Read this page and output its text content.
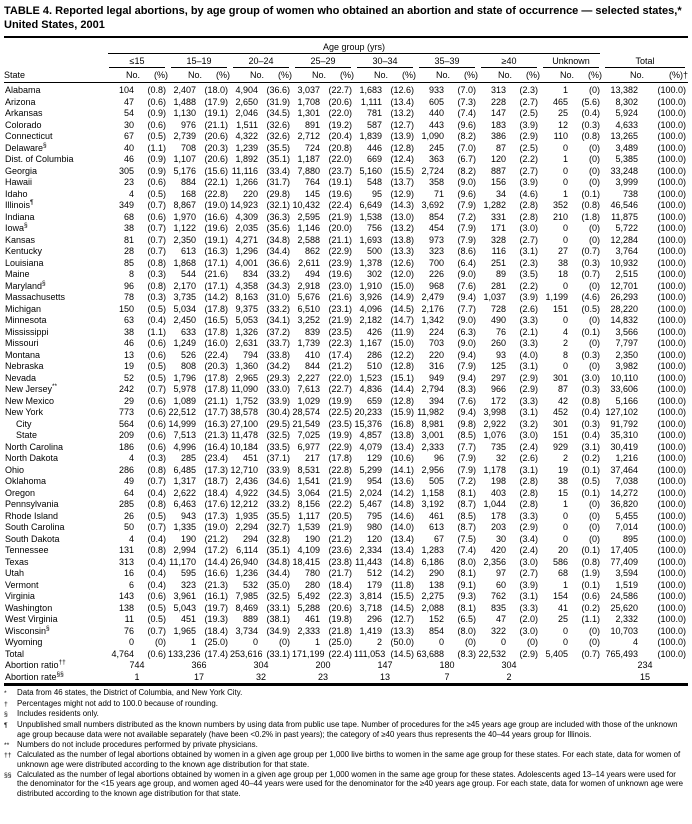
TABLE 4. Reported legal abortions, by age group of women who obtained an abortion and state of occurrence — selected states,* United States, 2001

	Age group (yrs)																	

	≤15		15–19		20–24		25–29		30–34		35–39		≥40		Unknown		Total	

State	No.	(%)	No.	(%)	No.	(%)	No.	(%)	No.	(%)	No.	(%)	No.	(%)	No.	(%)	No.	(%)†
Alabama	104	(0.8)	2,407	(18.0)	4,904	(36.6)	3,037	(22.7)	1,683	(12.6)	933	(7.0)	313	(2.3)	1	(0)	13,382	(100.0)
Arizona	47	(0.6)	1,488	(17.9)	2,650	(31.9)	1,708	(20.6)	1,111	(13.4)	605	(7.3)	228	(2.7)	465	(5.6)	8,302	(100.0)
Arkansas	54	(0.9)	1,130	(19.1)	2,046	(34.5)	1,301	(22.0)	781	(13.2)	440	(7.4)	147	(2.5)	25	(0.4)	5,924	(100.0)
Colorado	30	(0.6)	976	(21.1)	1,511	(32.6)	891	(19.2)	587	(12.7)	443	(9.6)	183	(3.9)	12	(0.3)	4,633	(100.0)
Connecticut	67	(0.5)	2,739	(20.6)	4,322	(32.6)	2,712	(20.4)	1,839	(13.9)	1,090	(8.2)	386	(2.9)	110	(0.8)	13,265	(100.0)
Delaware§	40	(1.1)	708	(20.3)	1,239	(35.5)	724	(20.8)	446	(12.8)	245	(7.0)	87	(2.5)	0	(0)	3,489	(100.0)
Dist. of Columbia	46	(0.9)	1,107	(20.6)	1,892	(35.1)	1,187	(22.0)	669	(12.4)	363	(6.7)	120	(2.2)	1	(0)	5,385	(100.0)
Georgia	305	(0.9)	5,176	(15.6)	11,116	(33.4)	7,880	(23.7)	5,160	(15.5)	2,724	(8.2)	887	(2.7)	0	(0)	33,248	(100.0)
Hawaii	23	(0.6)	884	(22.1)	1,266	(31.7)	764	(19.1)	548	(13.7)	358	(9.0)	156	(3.9)	0	(0)	3,999	(100.0)
Idaho	4	(0.5)	168	(22.8)	220	(29.8)	145	(19.6)	95	(12.9)	71	(9.6)	34	(4.6)	1	(0.1)	738	(100.0)
Illinois¶	349	(0.7)	8,867	(19.0)	14,923	(32.1)	10,432	(22.4)	6,649	(14.3)	3,692	(7.9)	1,282	(2.8)	352	(0.8)	46,546	(100.0)
Indiana	68	(0.6)	1,970	(16.6)	4,309	(36.3)	2,595	(21.9)	1,538	(13.0)	854	(7.2)	331	(2.8)	210	(1.8)	11,875	(100.0)
Iowa§	38	(0.7)	1,122	(19.6)	2,035	(35.6)	1,146	(20.0)	756	(13.2)	454	(7.9)	171	(3.0)	0	(0)	5,722	(100.0)
Kansas	81	(0.7)	2,350	(19.1)	4,271	(34.8)	2,588	(21.1)	1,693	(13.8)	973	(7.9)	328	(2.7)	0	(0)	12,284	(100.0)
Kentucky	28	(0.7)	613	(16.3)	1,296	(34.4)	862	(22.9)	500	(13.3)	323	(8.6)	116	(3.1)	27	(0.7)	3,764	(100.0)
Louisiana	85	(0.8)	1,868	(17.1)	4,001	(36.6)	2,611	(23.9)	1,378	(12.6)	700	(6.4)	251	(2.3)	38	(0.3)	10,932	(100.0)
Maine	8	(0.3)	544	(21.6)	834	(33.2)	494	(19.6)	302	(12.0)	226	(9.0)	89	(3.5)	18	(0.7)	2,515	(100.0)
Maryland§	96	(0.8)	2,170	(17.1)	4,358	(34.3)	2,918	(23.0)	1,910	(15.0)	968	(7.6)	281	(2.2)	0	(0)	12,701	(100.0)
Massachusetts	78	(0.3)	3,735	(14.2)	8,163	(31.0)	5,676	(21.6)	3,926	(14.9)	2,479	(9.4)	1,037	(3.9)	1,199	(4.6)	26,293	(100.0)
Michigan	150	(0.5)	5,034	(17.8)	9,375	(33.2)	6,510	(23.1)	4,096	(14.5)	2,176	(7.7)	728	(2.6)	151	(0.5)	28,220	(100.0)
Minnesota	63	(0.4)	2,450	(16.5)	5,053	(34.1)	3,252	(21.9)	2,182	(14.7)	1,342	(9.0)	490	(3.3)	0	(0)	14,832	(100.0)
Mississippi	38	(1.1)	633	(17.8)	1,326	(37.2)	839	(23.5)	426	(11.9)	224	(6.3)	76	(2.1)	4	(0.1)	3,566	(100.0)
Missouri	46	(0.6)	1,249	(16.0)	2,631	(33.7)	1,739	(22.3)	1,167	(15.0)	703	(9.0)	260	(3.3)	2	(0)	7,797	(100.0)
Montana	13	(0.6)	526	(22.4)	794	(33.8)	410	(17.4)	286	(12.2)	220	(9.4)	93	(4.0)	8	(0.3)	2,350	(100.0)
Nebraska	19	(0.5)	808	(20.3)	1,360	(34.2)	844	(21.2)	510	(12.8)	316	(7.9)	125	(3.1)	0	(0)	3,982	(100.0)
Nevada	52	(0.5)	1,796	(17.8)	2,965	(29.3)	2,227	(22.0)	1,523	(15.1)	949	(9.4)	297	(2.9)	301	(3.0)	10,110	(100.0)
New Jersey**	242	(0.7)	5,978	(17.8)	11,090	(33.0)	7,613	(22.7)	4,836	(14.4)	2,794	(8.3)	966	(2.9)	87	(0.3)	33,606	(100.0)
New Mexico	29	(0.6)	1,089	(21.1)	1,752	(33.9)	1,029	(19.9)	659	(12.8)	394	(7.6)	172	(3.3)	42	(0.8)	5,166	(100.0)
New York	773	(0.6)	22,512	(17.7)	38,578	(30.4)	28,574	(22.5)	20,233	(15.9)	11,982	(9.4)	3,998	(3.1)	452	(0.4)	127,102	(100.0)
City	564	(0.6)	14,999	(16.3)	27,100	(29.5)	21,549	(23.5)	15,376	(16.8)	8,981	(9.8)	2,922	(3.2)	301	(0.3)	91,792	(100.0)
State	209	(0.6)	7,513	(21.3)	11,478	(32.5)	7,025	(19.9)	4,857	(13.8)	3,001	(8.5)	1,076	(3.0)	151	(0.4)	35,310	(100.0)
North Carolina	186	(0.6)	4,996	(16.4)	10,184	(33.5)	6,977	(22.9)	4,079	(13.4)	2,333	(7.7)	735	(2.4)	929	(3.1)	30,419	(100.0)
North Dakota	4	(0.3)	285	(23.4)	451	(37.1)	217	(17.8)	129	(10.6)	96	(7.9)	32	(2.6)	2	(0.2)	1,216	(100.0)
Ohio	286	(0.8)	6,485	(17.3)	12,710	(33.9)	8,531	(22.8)	5,299	(14.1)	2,956	(7.9)	1,178	(3.1)	19	(0.1)	37,464	(100.0)
Oklahoma	49	(0.7)	1,317	(18.7)	2,436	(34.6)	1,541	(21.9)	954	(13.6)	505	(7.2)	198	(2.8)	38	(0.5)	7,038	(100.0)
Oregon	64	(0.4)	2,622	(18.4)	4,922	(34.5)	3,064	(21.5)	2,024	(14.2)	1,158	(8.1)	403	(2.8)	15	(0.1)	14,272	(100.0)
Pennsylvania	285	(0.8)	6,463	(17.6)	12,212	(33.2)	8,156	(22.2)	5,467	(14.8)	3,192	(8.7)	1,044	(2.8)	1	(0)	36,820	(100.0)
Rhode Island	26	(0.5)	943	(17.3)	1,935	(35.5)	1,117	(20.5)	795	(14.6)	461	(8.5)	178	(3.3)	0	(0)	5,455	(100.0)
South Carolina	50	(0.7)	1,335	(19.0)	2,294	(32.7)	1,539	(21.9)	980	(14.0)	613	(8.7)	203	(2.9)	0	(0)	7,014	(100.0)
South Dakota	4	(0.4)	190	(21.2)	294	(32.8)	190	(21.2)	120	(13.4)	67	(7.5)	30	(3.4)	0	(0)	895	(100.0)
Tennessee	131	(0.8)	2,994	(17.2)	6,114	(35.1)	4,109	(23.6)	2,334	(13.4)	1,283	(7.4)	420	(2.4)	20	(0.1)	17,405	(100.0)
Texas	313	(0.4)	11,170	(14.4)	26,940	(34.8)	18,415	(23.8)	11,443	(14.8)	6,186	(8.0)	2,356	(3.0)	586	(0.8)	77,409	(100.0)
Utah	16	(0.4)	595	(16.6)	1,236	(34.4)	780	(21.7)	512	(14.2)	290	(8.1)	97	(2.7)	68	(1.9)	3,594	(100.0)
Vermont	6	(0.4)	323	(21.3)	532	(35.0)	280	(18.4)	179	(11.8)	138	(9.1)	60	(3.9)	1	(0.1)	1,519	(100.0)
Virginia	143	(0.6)	3,961	(16.1)	7,985	(32.5)	5,492	(22.3)	3,814	(15.5)	2,275	(9.3)	762	(3.1)	154	(0.6)	24,586	(100.0)
Washington	138	(0.5)	5,043	(19.7)	8,469	(33.1)	5,288	(20.6)	3,718	(14.5)	2,088	(8.1)	835	(3.3)	41	(0.2)	25,620	(100.0)
West Virginia	11	(0.5)	451	(19.3)	889	(38.1)	461	(19.8)	296	(12.7)	152	(6.5)	47	(2.0)	25	(1.1)	2,332	(100.0)
Wisconsin§	76	(0.7)	1,965	(18.4)	3,734	(34.9)	2,333	(21.8)	1,419	(13.3)	854	(8.0)	322	(3.0)	0	(0)	10,703	(100.0)
Wyoming	0	(0)	1	(25.0)	0	(0)	1	(25.0)	2	(50.0)	0	(0)	0	(0)	0	(0)	4	(100.0)
Total	4,764	(0.6)	133,236	(17.4)	253,616	(33.1)	171,199	(22.4)	111,053	(14.5)	63,688	(8.3)	22,532	(2.9)	5,405	(0.7)	765,493	(100.0)
Abortion ratio††	744		366		304		200		147		180		304				234	
Abortion rate§§	1		17		32		23		13		7		2				15	
*	Data from 46 states, the District of Columbia, and New York City.
†	Percentages might not add to 100.0 because of rounding.
§	Includes residents only.
¶	Unpublished small numbers distributed as the known numbers by using data from public use tape. Number of procedures for the ≥45 years age group are included with those of the unknown age group because data were not available separately (have been <0.2% in past years); the category of ≥40 years thus represents the 40–44 years group for Illinois.
** Numbers do not include procedures performed by private physicians.
†† Calculated as the number of legal abortions obtained by women in a given age group per 1,000 live births to women in the same age group for these states. For each state, data for women of unknown age were distributed according to the known age distribution for that state.
§§ Calculated as the number of legal abortions obtained by women in a given age group per 1,000 women in the same age group for these states. Adolescents aged 13–14 years were used for the denominator for the <15 years age group, and women aged 40–44 years were used for the denominator for the ≥40 years age group. For each state, data for women of unknown age were distributed according to the known age distribution for that state.
